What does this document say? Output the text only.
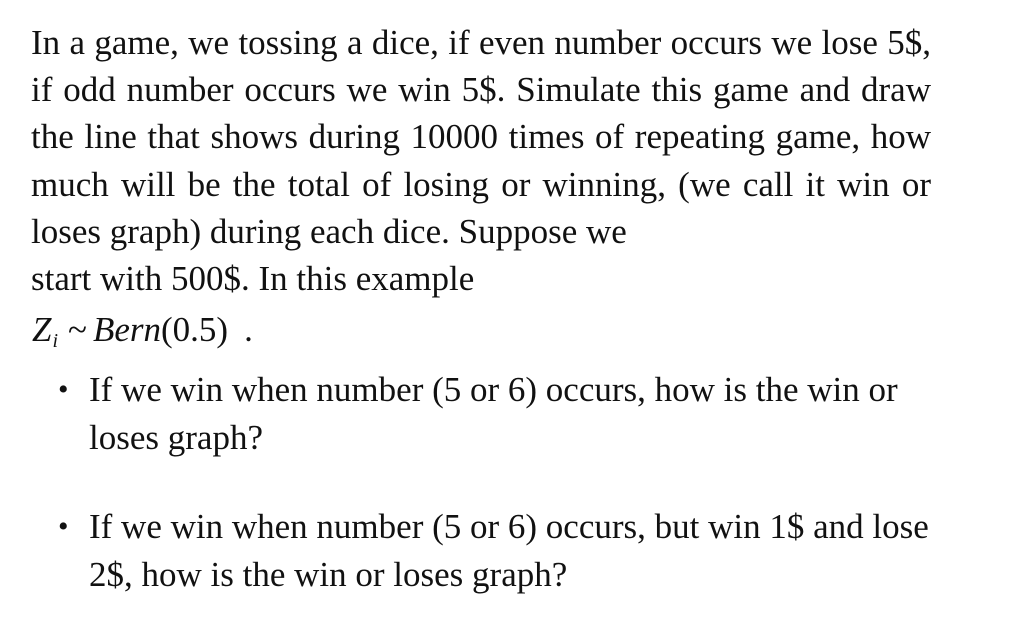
In a game, we tossing a dice, if even number occurs we lose 5$, if odd number occurs we win 5$. Simulate this game and draw the line that shows during 10000 times of repeating game, how much will be the total of losing or winning, (we call it win or loses graph) during each dice. Suppose we
start with 500$. In this example

$Z_i$ ~ Bern(0.5) .
• If we win when number (5 or 6) occurs, how is the win or loses graph?
• If we win when number (5 or 6) occurs, but win 1$ and lose 2$, how is the win or loses graph?
